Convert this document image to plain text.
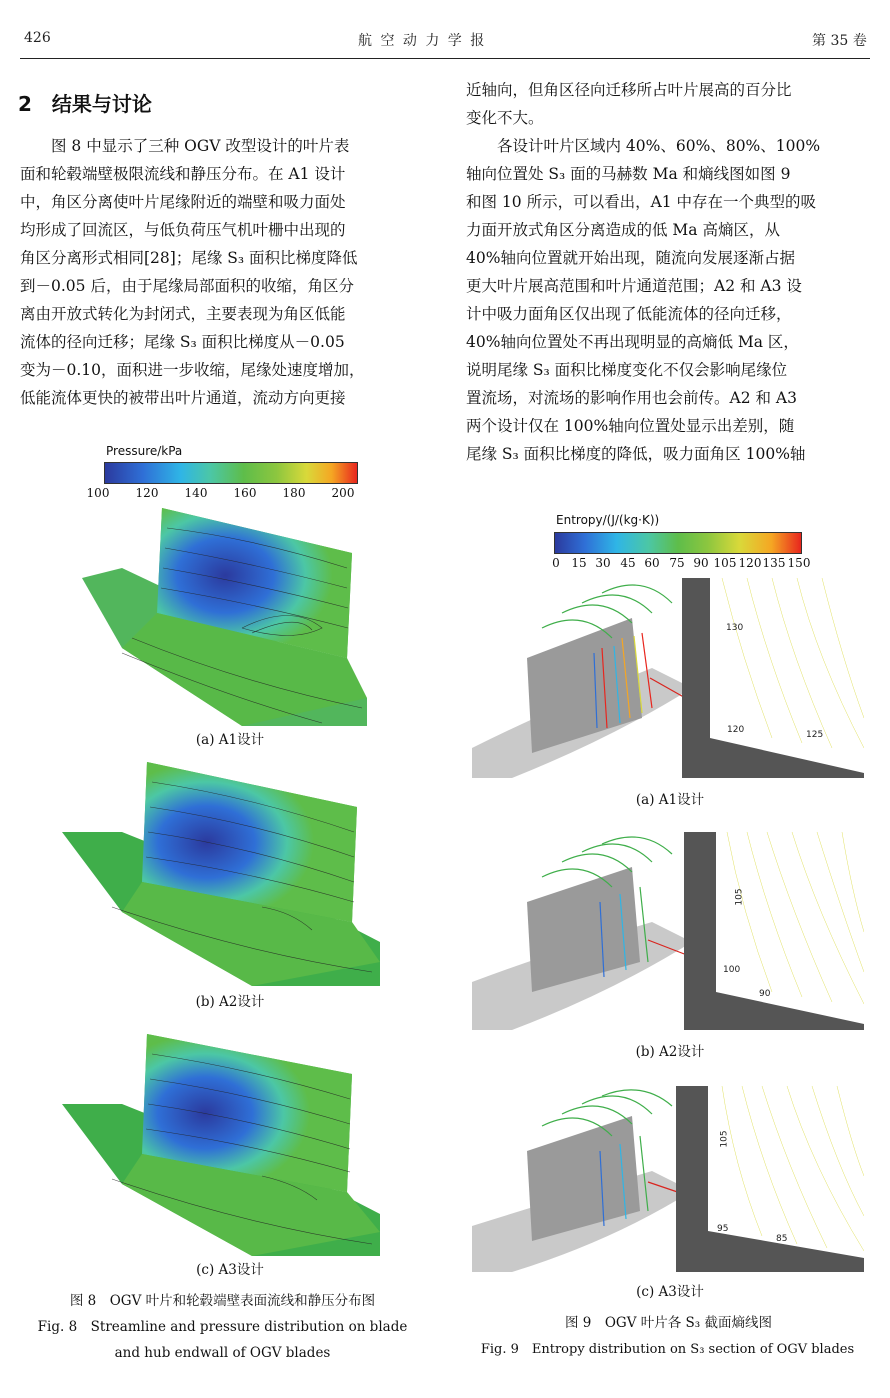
426	航 空 动 力 学 报	第 35 卷
2 结果与讨论
图 8 中显示了三种 OGV 改型设计的叶片表
面和轮毂端壁极限流线和静压分布。在 A1 设计
中，角区分离使叶片尾缘附近的端壁和吸力面处
均形成了回流区，与低负荷压气机叶栅中出现的
角区分离形式相同[28]；尾缘 S₃ 面积比梯度降低
到－0.05 后，由于尾缘局部面积的收缩，角区分
离由开放式转化为封闭式，主要表现为角区低能
流体的径向迁移；尾缘 S₃ 面积比梯度从－0.05
变为－0.10，面积进一步收缩，尾缘处速度增加，
低能流体更快的被带出叶片通道，流动方向更接
近轴向，但角区径向迁移所占叶片展高的百分比
变化不大。
各设计叶片区域内 40%、60%、80%、100%
轴向位置处 S₃ 面的马赫数 Ma 和熵线图如图 9
和图 10 所示，可以看出，A1 中存在一个典型的吸
力面开放式角区分离造成的低 Ma 高熵区，从
40%轴向位置就开始出现，随流向发展逐渐占据
更大叶片展高范围和叶片通道范围；A2 和 A3 设
计中吸力面角区仅出现了低能流体的径向迁移，
40%轴向位置处不再出现明显的高熵低 Ma 区，
说明尾缘 S₃ 面积比梯度变化不仅会影响尾缘位
置流场，对流场的影响作用也会前传。A2 和 A3
两个设计仅在 100%轴向位置处显示出差别，随
尾缘 S₃ 面积比梯度的降低，吸力面角区 100%轴
Pressure/kPa
100 120 140 160 180 200
(a) A1设计
(b) A2设计
(c) A3设计
图 8　OGV 叶片和轮毂端壁表面流线和静压分布图
Fig. 8　Streamline and pressure distribution on blade
and hub endwall of OGV blades
Entropy/(J/(kg·K))
0 15 30 45 60 75 90 105 120 135 150
130
120	125
(a) A1设计
105
100
90
(b) A2设计
105
95
85
(c) A3设计
图 9　OGV 叶片各 S₃ 截面熵线图
Fig. 9　Entropy distribution on S₃ section of OGV blades
